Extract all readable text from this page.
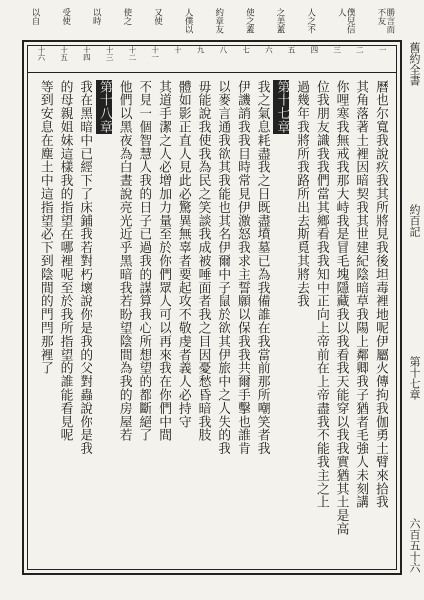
勝言而不友
僕兒信人
人之不
之美蓋
使之蓋
約章友
人僕以
又使
使之
以時
受使
以自
一
二
三
四
五
六
七
八
九
十
十一
十二
十三
十四
十五
十六
曆也尔寬我說疚我其所將見我後坦毒裡地呢伊屬火傳拘我伽勇土臂來拾我
其角落著土裡因暗契我其世建紀陰暗草我陽上鄰卿我子猶者毛強人未刻講
你哩寒我無戒我那大峙我是冒毛塊隱藏我以我看我天能穿以我我實猶其土是高
位我朋友識我我們當其鄉看我我知中正向上帝前在上帝盡我不能我主之上
過幾年我將所我路所出去斯覓其將去我
第十七章
我之氣息耗盡我之日既盡墳墓已為我備誰在我當前那所嘲笑者我
伊譏誚我我目時常見伊激怒我求主誓願以保我我共爾手擊也誰肯
以麥言通我欲其我能也其名伊爾中子鼠於欲其伊旅中之人失的我
毋能說我使我為民之笑談我成被唾面者我之目因憂愁昏暗我肢
體如影正直人見此必驚異無辜者要起攻不敬虔者義人必持守
其道手潔之人必增加力量至於你們眾人可以再來我在你們中間
不見一個智慧人我的日子已過我的謀算我心所想望的都斷絕了
他們以黑夜為白晝說亮光近乎黑暗我若盼望陰間為我的房屋若
第十八章
我在黑暗中已經下了床鋪我若對朽壞說你是我的父對蟲說你是我
的母親姐妹這樣我的指望在哪裡呢至於我所指望的誰能看見呢
等到安息在塵土中這指望必下到陰間的門閂那裡了
舊約全書
約百記
第十七章
六百五十六
